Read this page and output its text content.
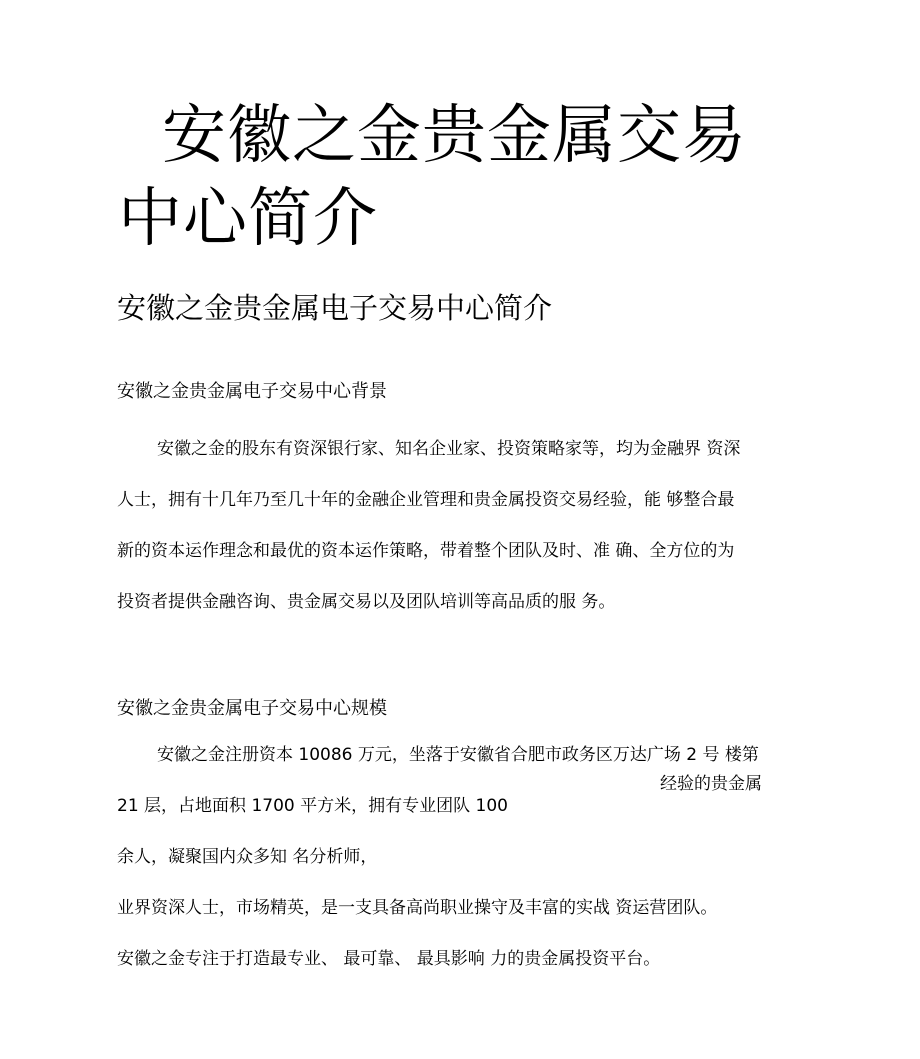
安徽之金贵金属交易
中心简介
安徽之金贵金属电子交易中心简介
安徽之金贵金属电子交易中心背景
安徽之金的股东有资深银行家、知名企业家、投资策略家等，均为金融界 资深
人士，拥有十几年乃至几十年的金融企业管理和贵金属投资交易经验，能 够整合最
新的资本运作理念和最优的资本运作策略，带着整个团队及时、准 确、全方位的为
投资者提供金融咨询、贵金属交易以及团队培训等高品质的服 务。
安徽之金贵金属电子交易中心规模
安徽之金注册资本 10086 万元，坐落于安徽省合肥市政务区万达广场 2 号 楼第
经验的贵金属
21 层，占地面积 1700 平方米，拥有专业团队 100
余人，凝聚国内众多知 名分析师，
业界资深人士，市场精英，是一支具备高尚职业操守及丰富的实战 资运营团队。
安徽之金专注于打造最专业、 最可靠、 最具影响 力的贵金属投资平台。
